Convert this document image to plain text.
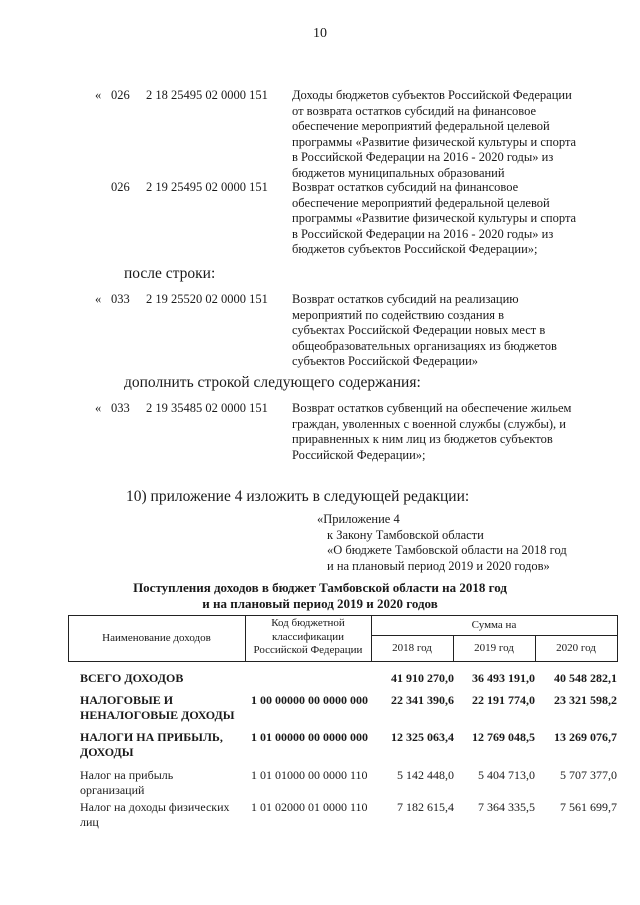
10
« 026 2 18 25495 02 0000 151 Доходы бюджетов субъектов Российской Федерации
от возврата остатков субсидий на финансовое
обеспечение мероприятий федеральной целевой
программы «Развитие физической культуры и спорта
в Российской Федерации на 2016 - 2020 годы» из
бюджетов муниципальных образований
026 2 19 25495 02 0000 151 Возврат остатков субсидий на финансовое
обеспечение мероприятий федеральной целевой
программы «Развитие физической культуры и спорта
в Российской Федерации на 2016 - 2020 годы» из
бюджетов субъектов Российской Федерации»;
после строки:
« 033 2 19 25520 02 0000 151 Возврат остатков субсидий на реализацию
мероприятий по содействию создания в
субъектах Российской Федерации новых мест в
общеобразовательных организациях из бюджетов
субъектов Российской Федерации»
дополнить строкой следующего содержания:
« 033 2 19 35485 02 0000 151 Возврат остатков субвенций на обеспечение жильем
граждан, уволенных с военной службы (службы), и
приравненных к ним лиц из бюджетов субъектов
Российской Федерации»;
10) приложение 4 изложить в следующей редакции:
«Приложение 4
к Закону Тамбовской области
«О бюджете Тамбовской области на 2018 год
и на плановый период 2019 и 2020 годов»
Поступления доходов в бюджет Тамбовской области на 2018 год
и на плановый период 2019 и 2020 годов
Наименование доходов
Код бюджетной
классификации
Российской Федерации
Сумма на
2018 год	2019 год	2020 год
ВСЕГО ДОХОДОВ	41 910 270,0	36 493 191,0	40 548 282,1
НАЛОГОВЫЕ И
НЕНАЛОГОВЫЕ ДОХОДЫ
1 00 00000 00 0000 000	22 341 390,6	22 191 774,0	23 321 598,2
НАЛОГИ НА ПРИБЫЛЬ,
ДОХОДЫ
1 01 00000 00 0000 000	12 325 063,4	12 769 048,5	13 269 076,7
Налог на прибыль
организаций
1 01 01000 00 0000 110	5 142 448,0	5 404 713,0	5 707 377,0
Налог на доходы физических
лиц
1 01 02000 01 0000 110	7 182 615,4	7 364 335,5	7 561 699,7
